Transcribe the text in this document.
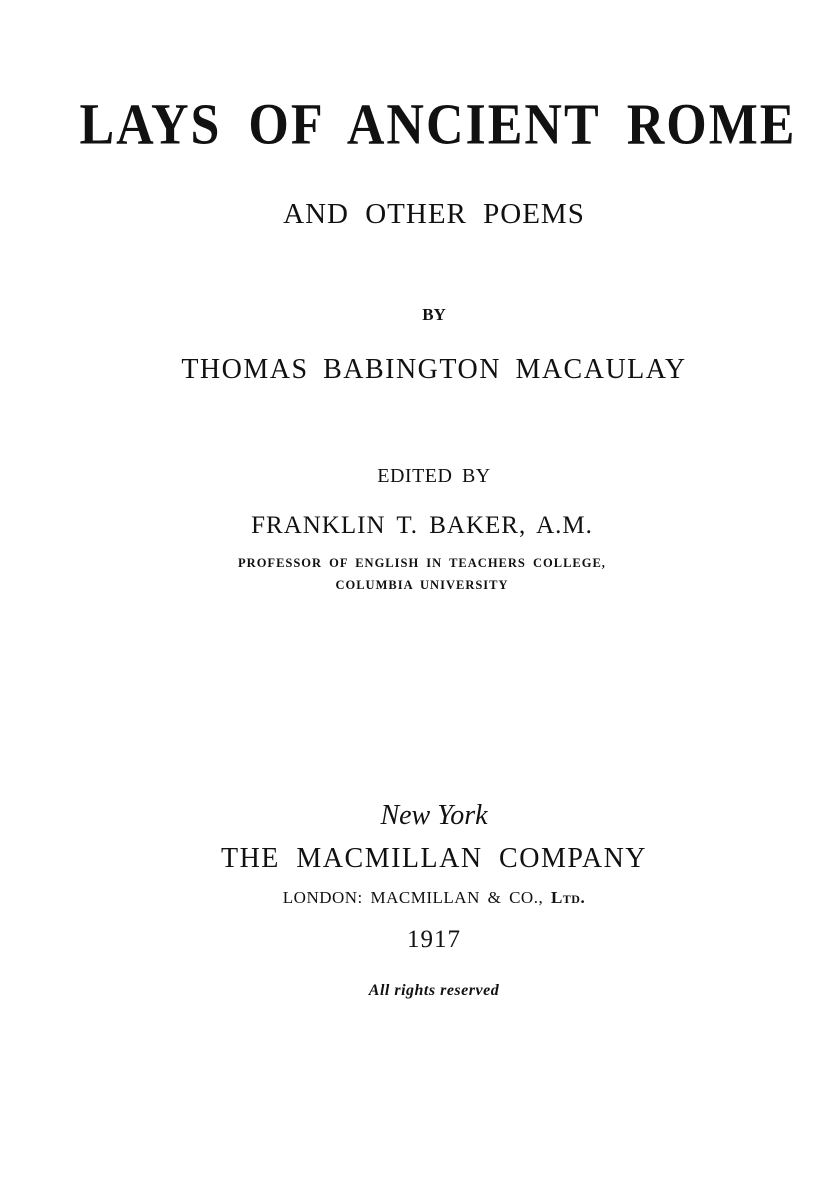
LAYS OF ANCIENT ROME
AND OTHER POEMS
BY
THOMAS BABINGTON MACAULAY
EDITED BY
FRANKLIN T. BAKER, A.M.
PROFESSOR OF ENGLISH IN TEACHERS COLLEGE,
COLUMBIA UNIVERSITY
New York
THE MACMILLAN COMPANY
LONDON: MACMILLAN & CO., Ltd.
1917
All rights reserved
